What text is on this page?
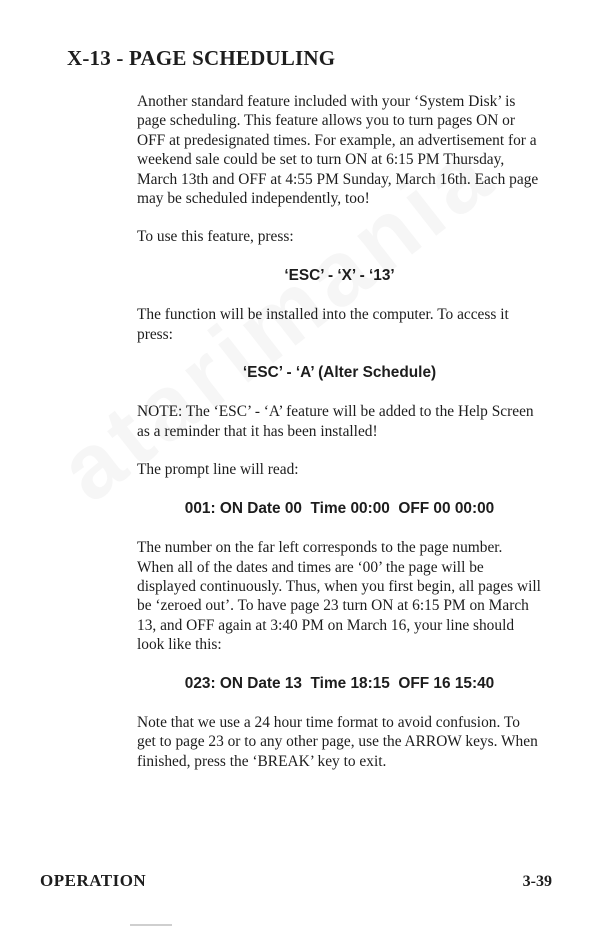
X-13 - PAGE SCHEDULING

Another standard feature included with your ‘System Disk’ is page scheduling. This feature allows you to turn pages ON or OFF at predesignated times. For example, an advertisement for a weekend sale could be set to turn ON at 6:15 PM Thursday, March 13th and OFF at 4:55 PM Sunday, March 16th. Each page may be scheduled independently, too!

To use this feature, press:

‘ESC’ - ‘X’ - ‘13’

The function will be installed into the computer. To access it press:

‘ESC’ - ‘A’ (Alter Schedule)

NOTE: The ‘ESC’ - ‘A’ feature will be added to the Help Screen as a reminder that it has been installed!

The prompt line will read:

001: ON Date 00  Time 00:00  OFF 00 00:00

The number on the far left corresponds to the page number. When all of the dates and times are ‘00’ the page will be displayed continuously. Thus, when you first begin, all pages will be ‘zeroed out’. To have page 23 turn ON at 6:15 PM on March 13, and OFF again at 3:40 PM on March 16, your line should look like this:

023: ON Date 13  Time 18:15  OFF 16 15:40

Note that we use a 24 hour time format to avoid confusion. To get to page 23 or to any other page, use the ARROW keys. When finished, press the ‘BREAK’ key to exit.

OPERATION	3-39
